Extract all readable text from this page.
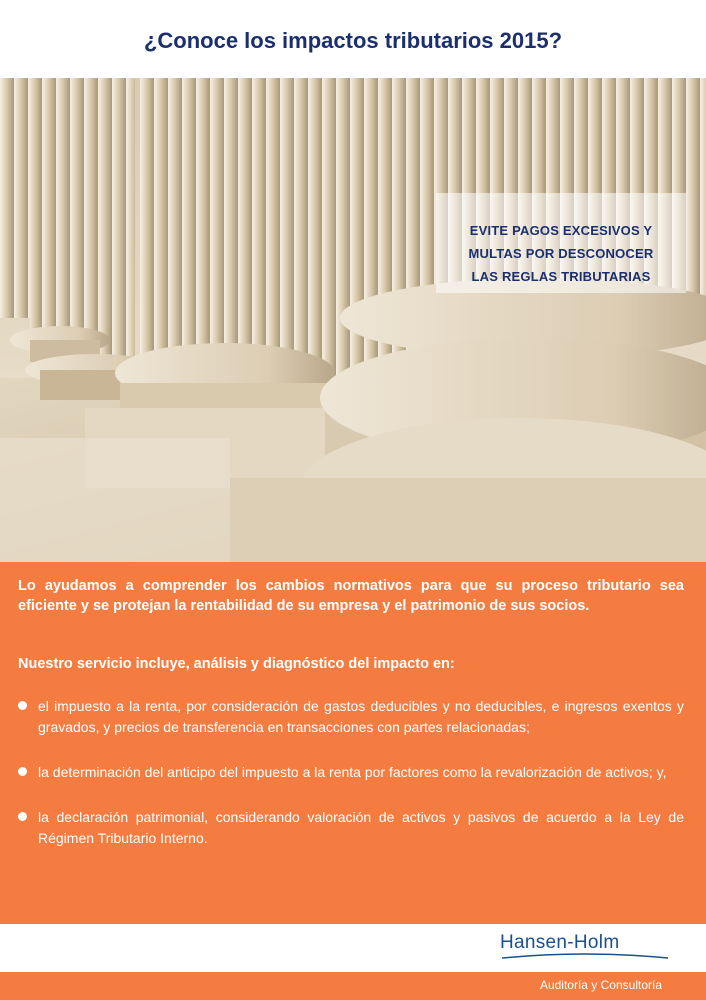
¿Conoce los impactos tributarios 2015?
EVITE PAGOS EXCESIVOS Y
MULTAS POR DESCONOCER
LAS REGLAS TRIBUTARIAS
Lo ayudamos a comprender los cambios normativos para que su proceso tributario sea eficiente y se protejan la rentabilidad de su empresa y el patrimonio de sus socios.
Nuestro servicio incluye, análisis y diagnóstico del impacto en:
el impuesto a la renta, por consideración de gastos deducibles y no deducibles, e ingresos exentos y gravados, y precios de transferencia en transacciones con partes relacionadas;
la determinación del anticipo del impuesto a la renta por factores como la revalorización de activos; y,
la declaración patrimonial, considerando valoración de activos y pasivos de acuerdo a la Ley de Régimen Tributario Interno.
Hansen-Holm
Auditoría y Consultoría
